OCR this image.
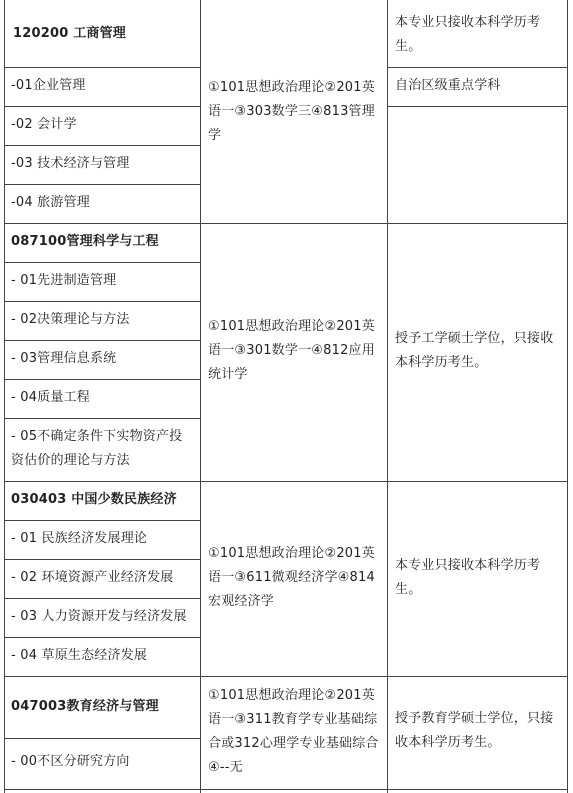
120200 工商管理
-01企业管理
-02 会计学
-03 技术经济与管理
-04 旅游管理
①101思想政治理论②201英语一③303数学三④813管理学
本专业只接收本科学历考生。
自治区级重点学科
087100管理科学与工程
- 01先进制造管理
- 02决策理论与方法
- 03管理信息系统
- 04质量工程
- 05不确定条件下实物资产投资估价的理论与方法
①101思想政治理论②201英语一③301数学一④812应用统计学
授予工学硕士学位，只接收本科学历考生。
030403 中国少数民族经济
- 01 民族经济发展理论
- 02 环境资源产业经济发展
- 03 人力资源开发与经济发展
- 04 草原生态经济发展
①101思想政治理论②201英语一③611微观经济学④814宏观经济学
本专业只接收本科学历考生。
047003教育经济与管理
- 00不区分研究方向
①101思想政治理论②201英语一③311教育学专业基础综合或312心理学专业基础综合④--无
授予教育学硕士学位，只接收本科学历考生。
